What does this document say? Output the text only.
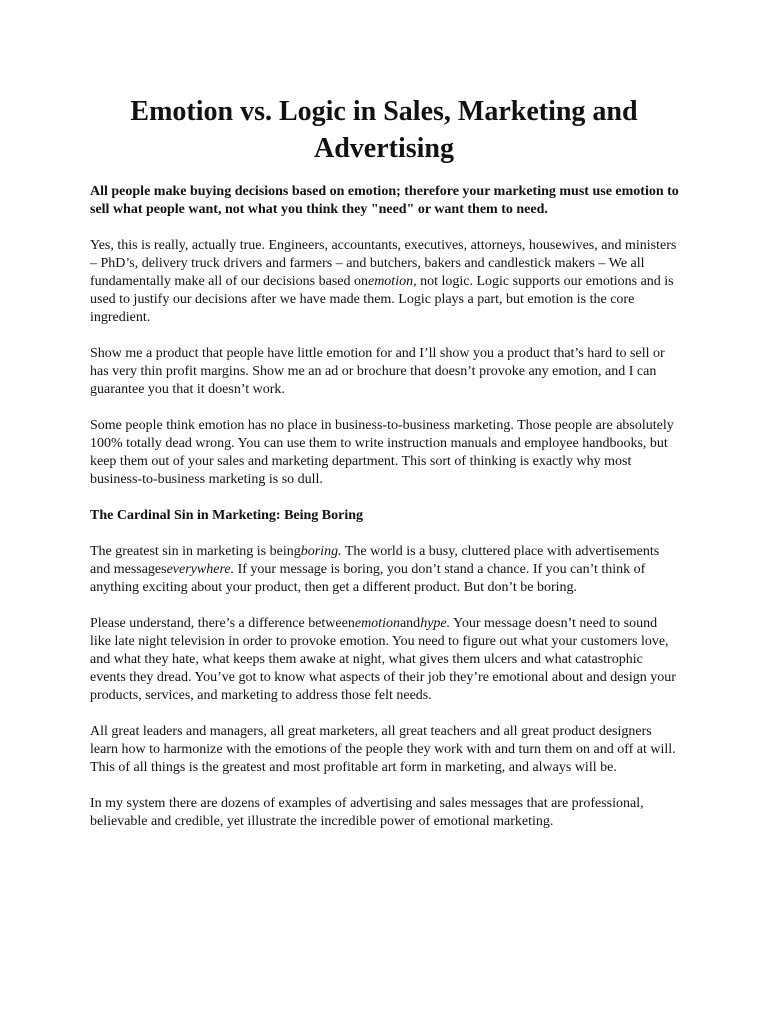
Emotion vs. Logic in Sales, Marketing and Advertising

All people make buying decisions based on emotion; therefore your marketing must use emotion to sell what people want, not what you think they "need" or want them to need.

Yes, this is really, actually true. Engineers, accountants, executives, attorneys, housewives, and ministers – PhD’s, delivery truck drivers and farmers – and butchers, bakers and candlestick makers – We all fundamentally make all of our decisions based onemotion, not logic. Logic supports our emotions and is used to justify our decisions after we have made them. Logic plays a part, but emotion is the core ingredient.

Show me a product that people have little emotion for and I’ll show you a product that’s hard to sell or has very thin profit margins. Show me an ad or brochure that doesn’t provoke any emotion, and I can guarantee you that it doesn’t work.

Some people think emotion has no place in business-to-business marketing. Those people are absolutely 100% totally dead wrong. You can use them to write instruction manuals and employee handbooks, but keep them out of your sales and marketing department. This sort of thinking is exactly why most business-to-business marketing is so dull.

The Cardinal Sin in Marketing: Being Boring

The greatest sin in marketing is beingboring. The world is a busy, cluttered place with advertisements and messageseverywhere. If your message is boring, you don’t stand a chance. If you can’t think of anything exciting about your product, then get a different product. But don’t be boring.

Please understand, there’s a difference betweenemotionandhype. Your message doesn’t need to sound like late night television in order to provoke emotion. You need to figure out what your customers love, and what they hate, what keeps them awake at night, what gives them ulcers and what catastrophic events they dread. You’ve got to know what aspects of their job they’re emotional about and design your products, services, and marketing to address those felt needs.

All great leaders and managers, all great marketers, all great teachers and all great product designers learn how to harmonize with the emotions of the people they work with and turn them on and off at will. This of all things is the greatest and most profitable art form in marketing, and always will be.

In my system there are dozens of examples of advertising and sales messages that are professional, believable and credible, yet illustrate the incredible power of emotional marketing.
